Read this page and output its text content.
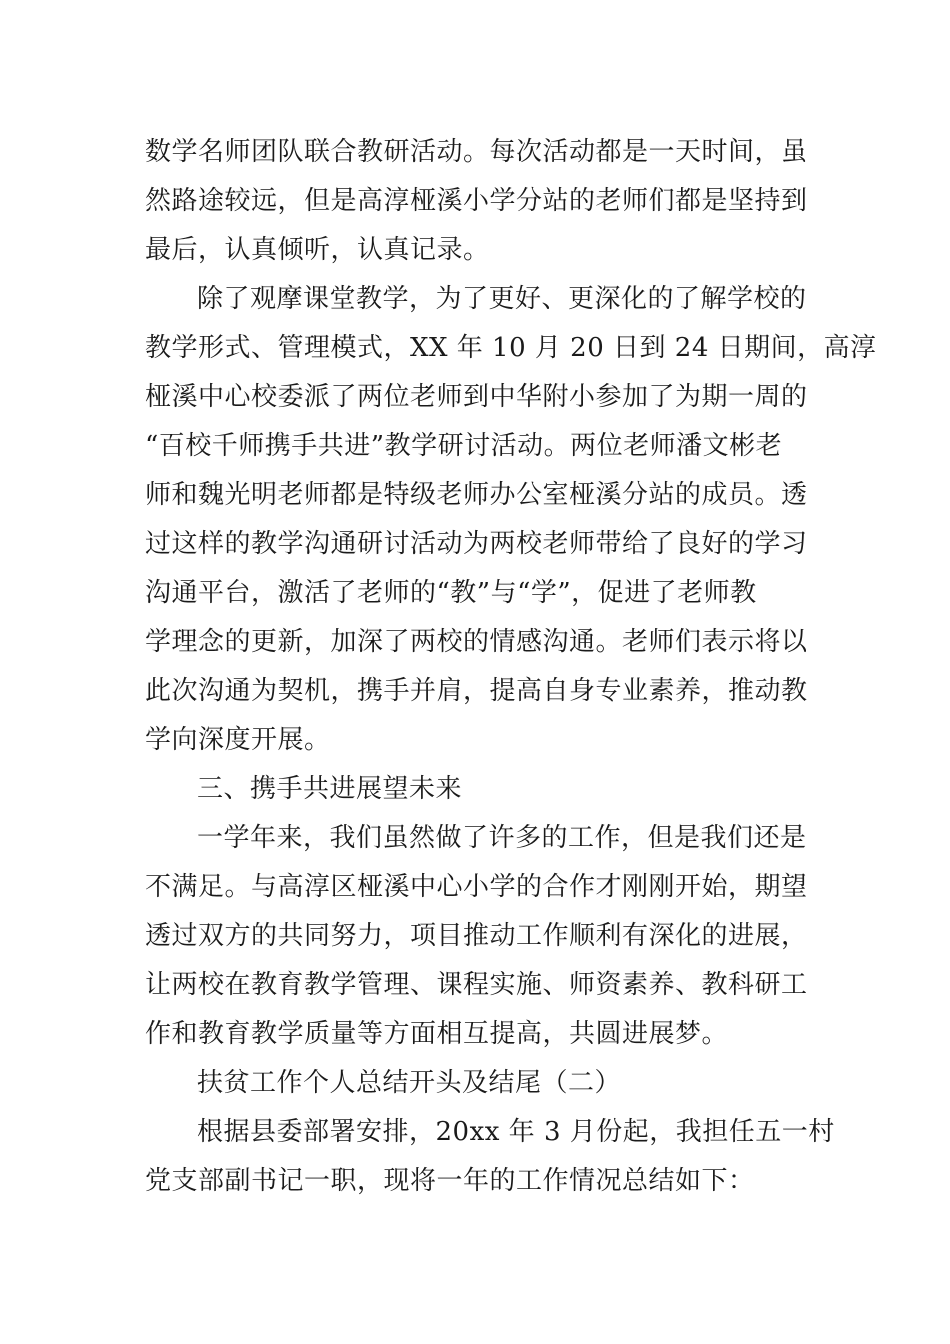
数学名师团队联合教研活动。每次活动都是一天时间，虽
然路途较远，但是高淳桠溪小学分站的老师们都是坚持到
最后，认真倾听，认真记录。
除了观摩课堂教学，为了更好、更深化的了解学校的
教学形式、管理模式，XX 年 10 月 20 日到 24 日期间，高淳
桠溪中心校委派了两位老师到中华附小参加了为期一周的
“百校千师携手共进”教学研讨活动。两位老师潘文彬老
师和魏光明老师都是特级老师办公室桠溪分站的成员。透
过这样的教学沟通研讨活动为两校老师带给了良好的学习
沟通平台，激活了老师的“教”与“学”，促进了老师教
学理念的更新，加深了两校的情感沟通。老师们表示将以
此次沟通为契机，携手并肩，提高自身专业素养，推动教
学向深度开展。
三、携手共进展望未来
一学年来，我们虽然做了许多的工作，但是我们还是
不满足。与高淳区桠溪中心小学的合作才刚刚开始，期望
透过双方的共同努力，项目推动工作顺利有深化的进展，
让两校在教育教学管理、课程实施、师资素养、教科研工
作和教育教学质量等方面相互提高，共圆进展梦。
扶贫工作个人总结开头及结尾（二）
根据县委部署安排，20xx 年 3 月份起，我担任五一村
党支部副书记一职，现将一年的工作情况总结如下：
